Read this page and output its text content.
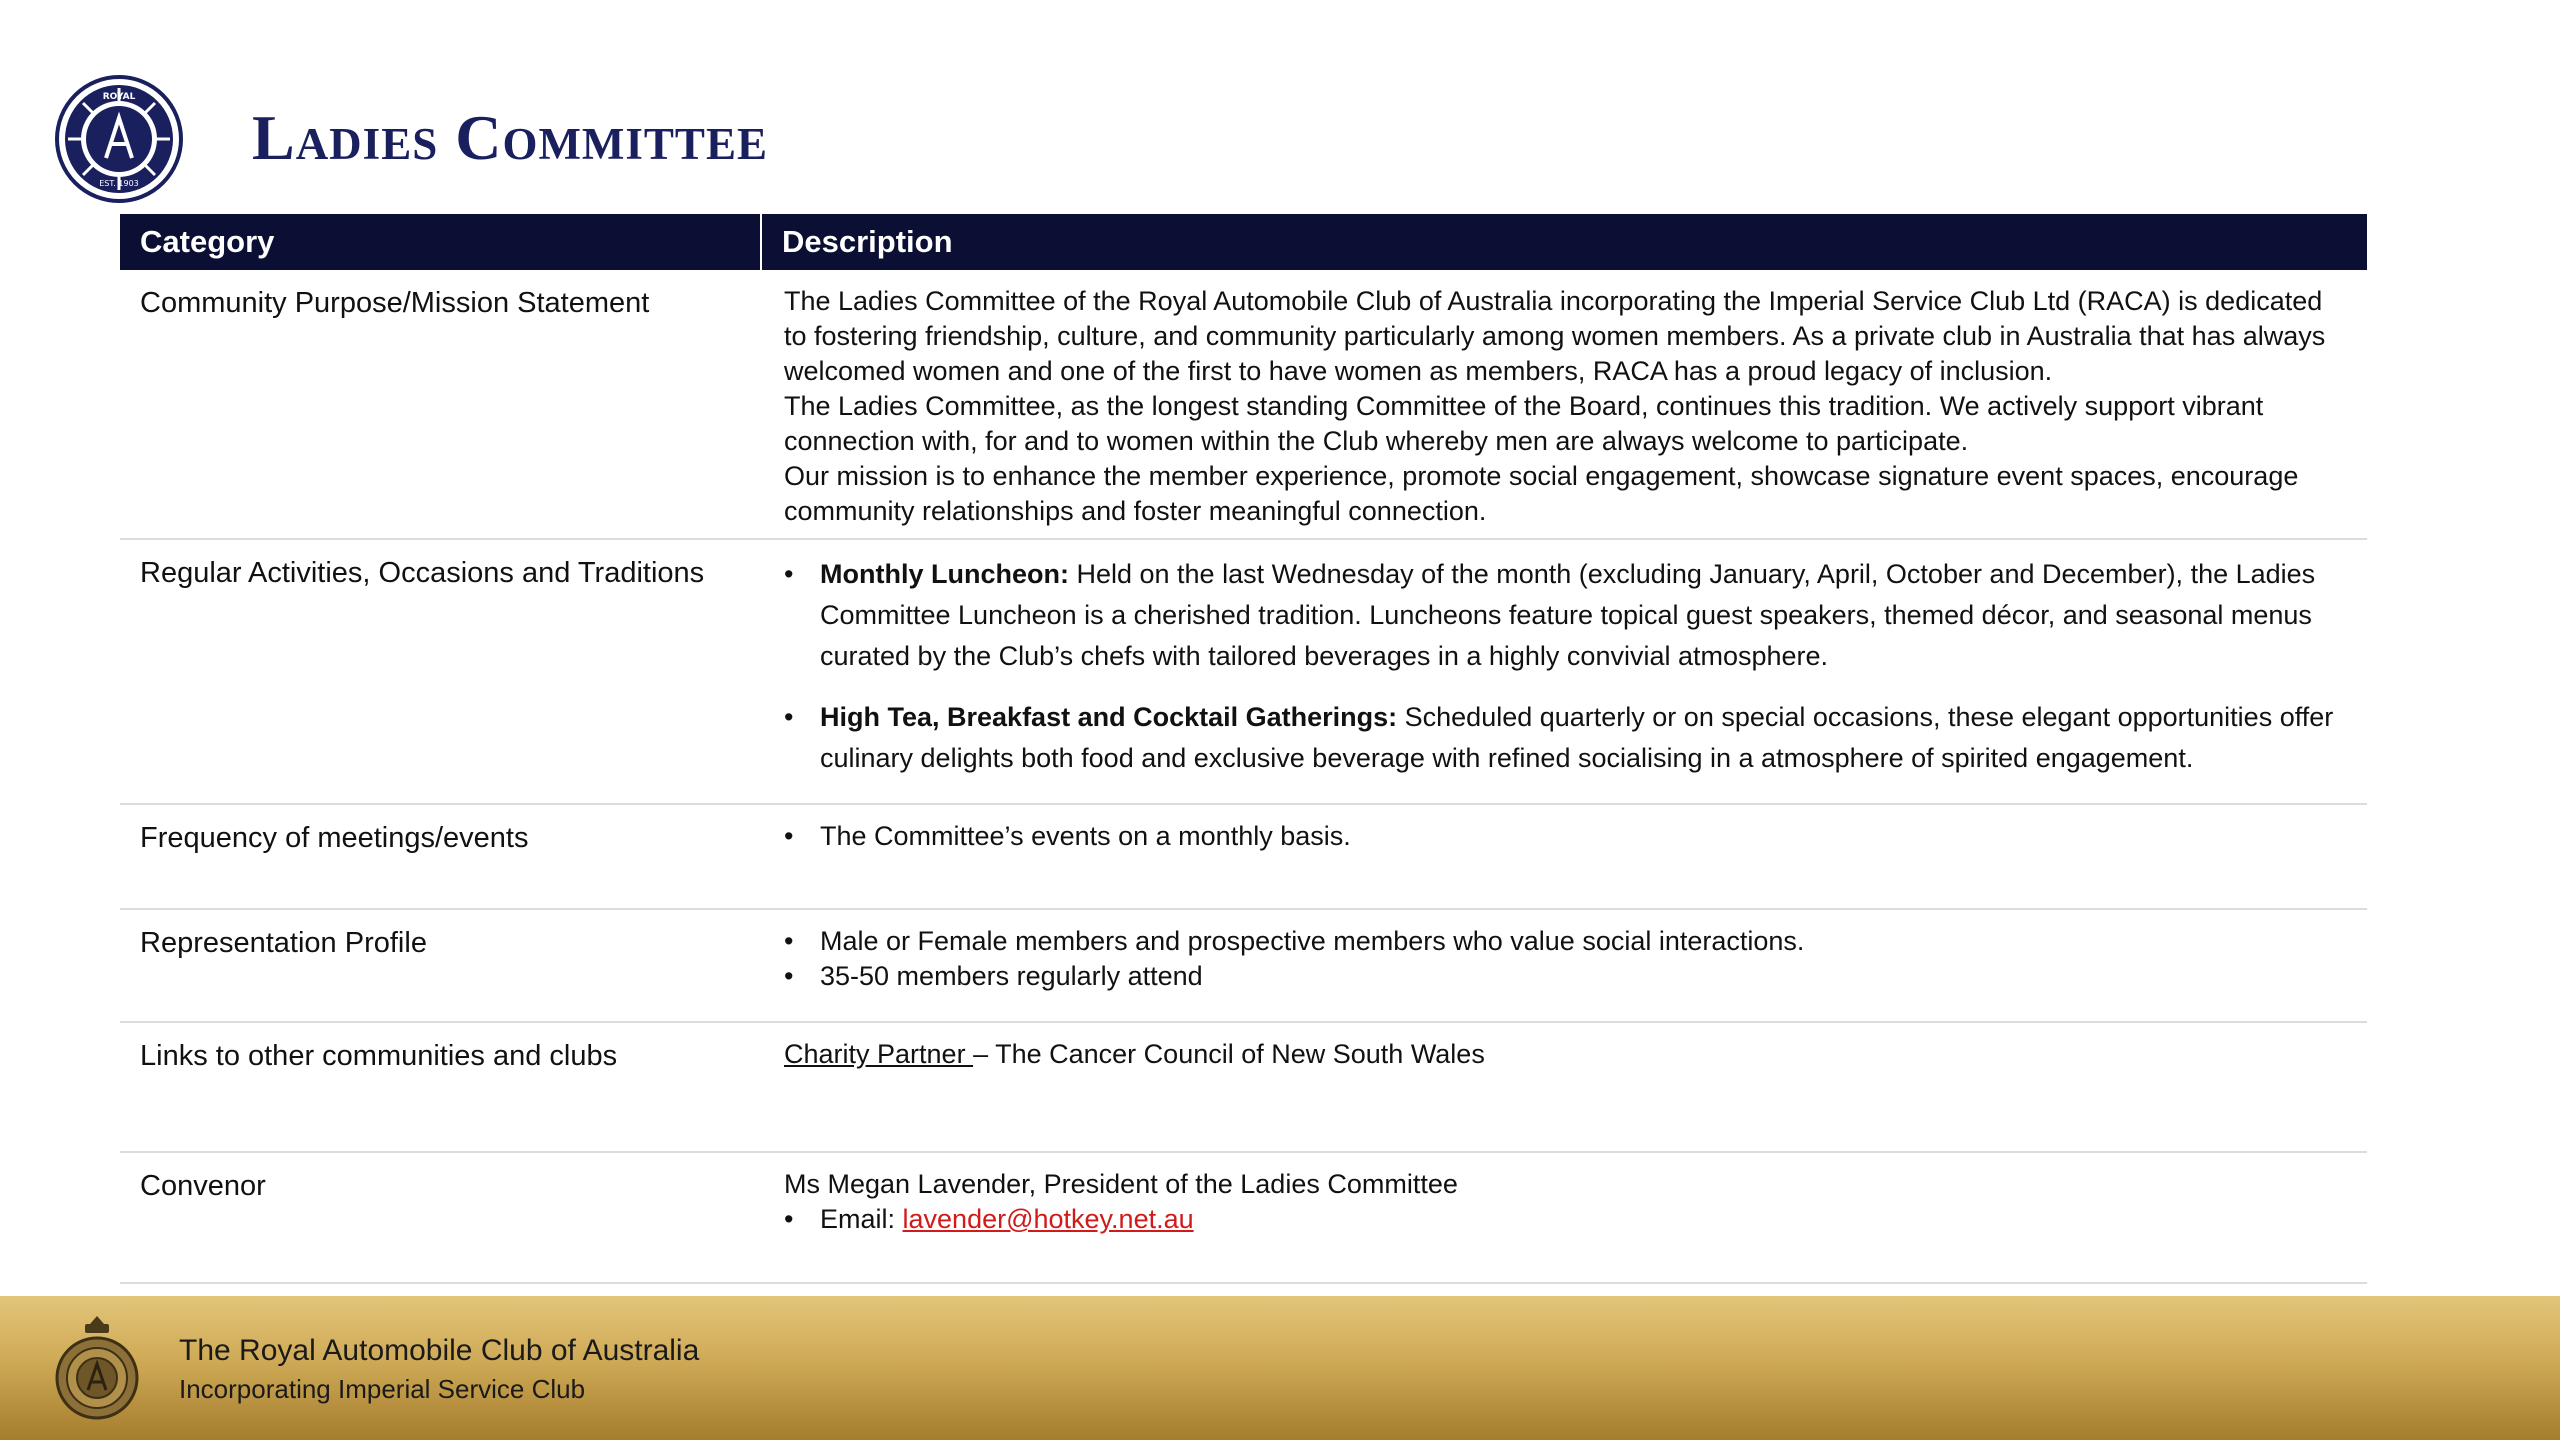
ROYAL
EST. 1903
Ladies Committee
Category	Description
Community Purpose/Mission Statement	The Ladies Committee of the Royal Automobile Club of Australia incorporating the Imperial Service Club Ltd (RACA) is dedicated to fostering friendship, culture, and community particularly among women members. As a private club in Australia that has always welcomed women and one of the first to have women as members, RACA has a proud legacy of inclusion.

The Ladies Committee, as the longest standing Committee of the Board, continues this tradition. We actively support vibrant connection with, for and to women within the Club whereby men are always welcome to participate.

Our mission is to enhance the member experience, promote social engagement, showcase signature event spaces, encourage community relationships and foster meaningful connection.

Regular Activities, Occasions and Traditions	• Monthly Luncheon: Held on the last Wednesday of the month (excluding January, April, October and December), the Ladies Committee Luncheon is a cherished tradition. Luncheons feature topical guest speakers, themed décor, and seasonal menus curated by the Club’s chefs with tailored beverages in a highly convivial atmosphere.
• High Tea, Breakfast and Cocktail Gatherings: Scheduled quarterly or on special occasions, these elegant opportunities offer culinary delights both food and exclusive beverage with refined socialising in a atmosphere of spirited engagement.
Frequency of meetings/events	• The Committee’s events on a monthly basis.
Representation Profile	• Male or Female members and prospective members who value social interactions.
• 35-50 members regularly attend
Links to other communities and clubs	Charity Partner – The Cancer Council of New South Wales
Convenor	Ms Megan Lavender, President of the Ladies Committee

• Email: lavender@hotkey.net.au
The Royal Automobile Club of Australia
Incorporating Imperial Service Club
